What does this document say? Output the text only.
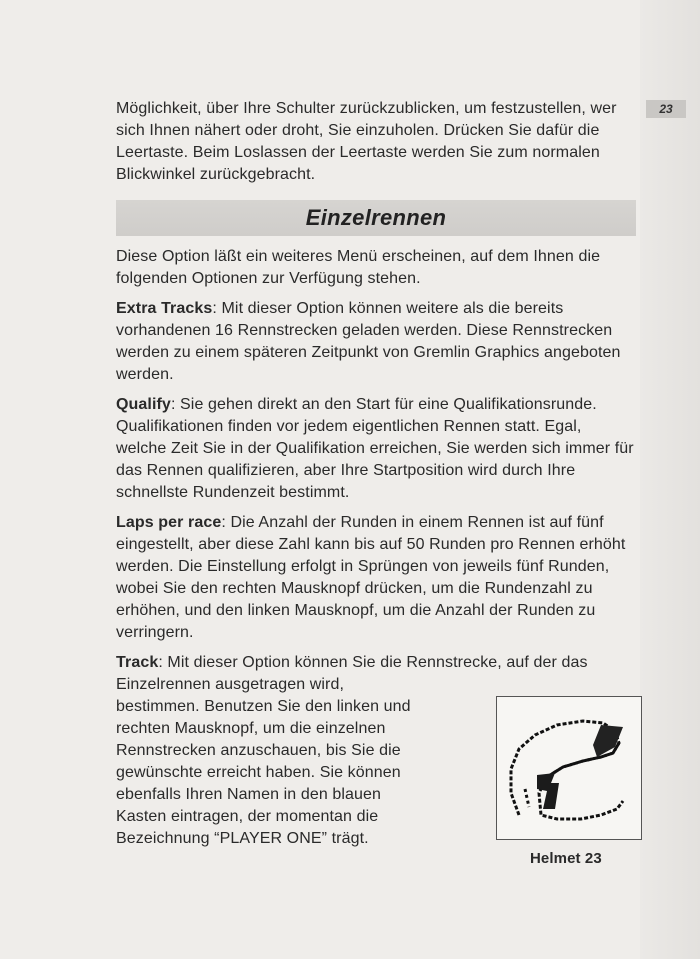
23

Möglichkeit, über Ihre Schulter zurückzublicken, um festzustellen, wer sich Ihnen nähert oder droht, Sie einzuholen. Drücken Sie dafür die Leertaste. Beim Loslassen der Leertaste werden Sie zum normalen Blickwinkel zurückgebracht.

Einzelrennen

Diese Option läßt ein weiteres Menü erscheinen, auf dem Ihnen die folgenden Optionen zur Verfügung stehen.

Extra Tracks: Mit dieser Option können weitere als die bereits vorhandenen 16 Rennstrecken geladen werden. Diese Rennstrecken werden zu einem späteren Zeitpunkt von Gremlin Graphics angeboten werden.

Qualify: Sie gehen direkt an den Start für eine Qualifikationsrunde. Qualifikationen finden vor jedem eigentlichen Rennen statt. Egal, welche Zeit Sie in der Qualifikation erreichen, Sie werden sich immer für das Rennen qualifizieren, aber Ihre Startposition wird durch Ihre schnellste Rundenzeit bestimmt.

Laps per race: Die Anzahl der Runden in einem Rennen ist auf fünf eingestellt, aber diese Zahl kann bis auf 50 Runden pro Rennen erhöht werden. Die Einstellung erfolgt in Sprüngen von jeweils fünf Runden, wobei Sie den rechten Mausknopf drücken, um die Rundenzahl zu erhöhen, und den linken Mausknopf, um die Anzahl der Runden zu verringern.

Track: Mit dieser Option können Sie die Rennstrecke, auf der das Einzelrennen ausgetragen wird,

bestimmen. Benutzen Sie den linken und rechten Mausknopf, um die einzelnen Rennstrecken anzuschauen, bis Sie die gewünschte erreicht haben. Sie können ebenfalls Ihren Namen in den blauen Kasten eintragen, der momentan die Bezeichnung “PLAYER ONE” trägt.

Helmet 23
